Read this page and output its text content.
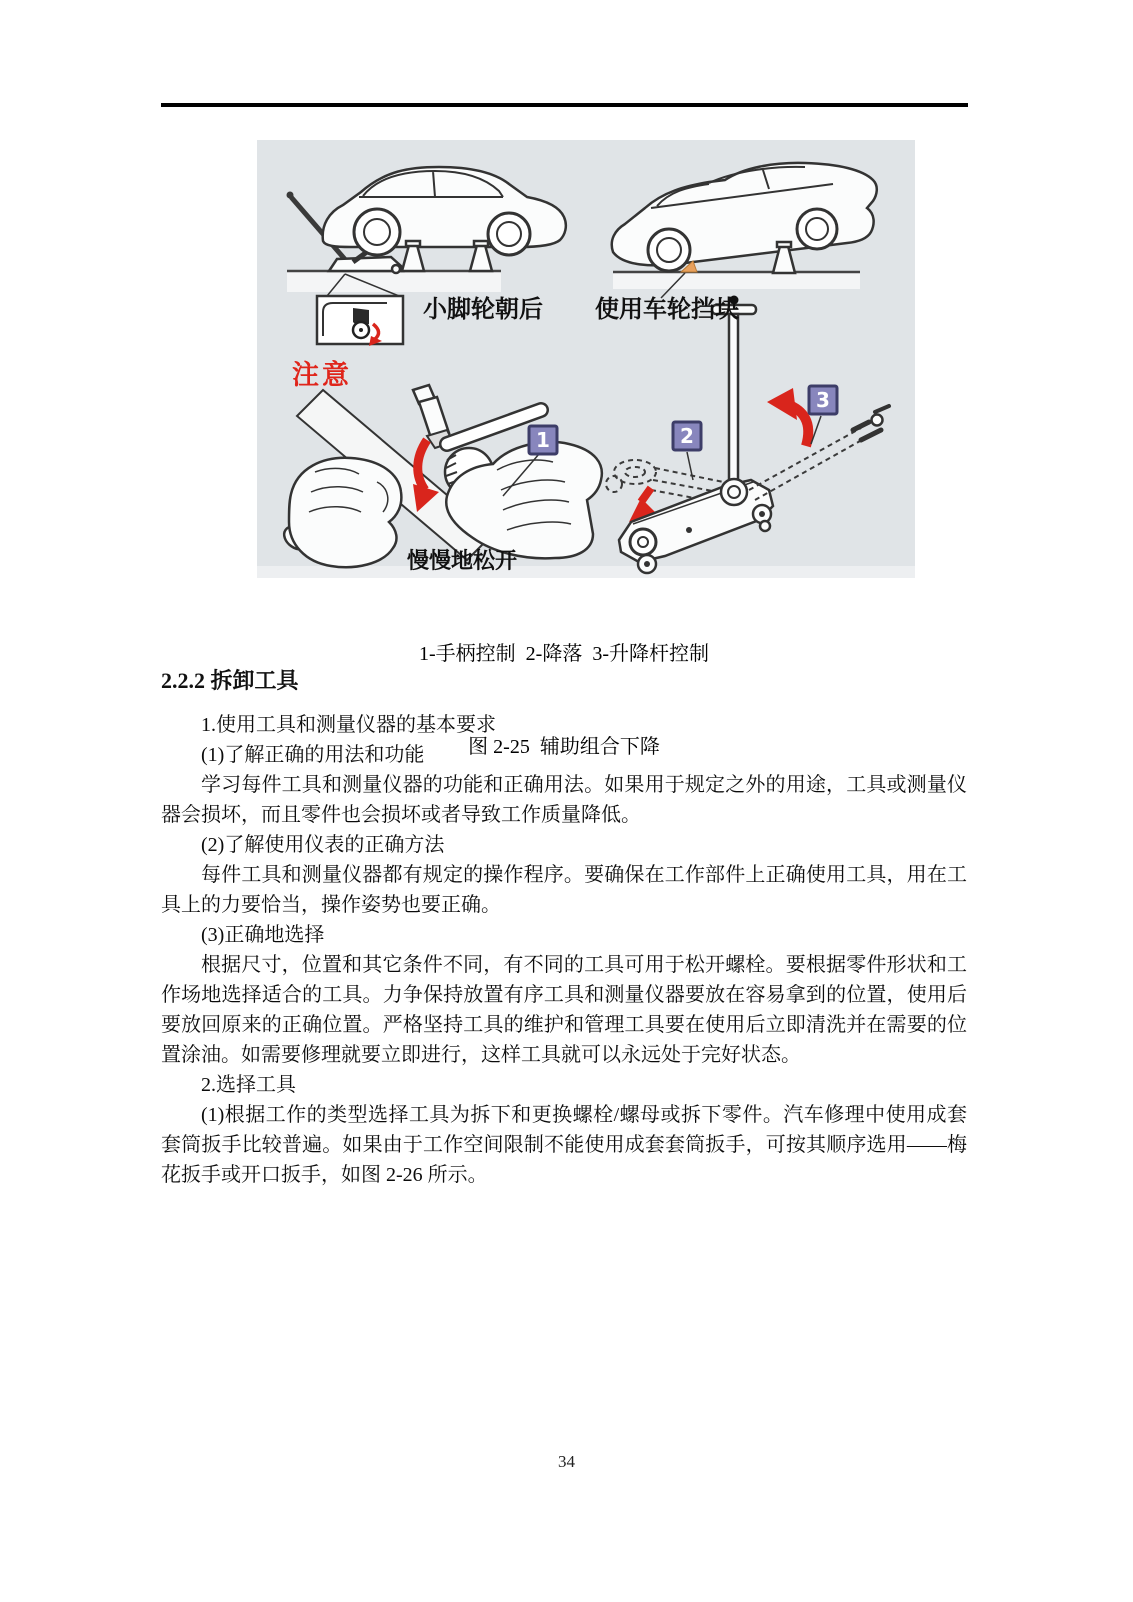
1	2
3
注意
小脚轮朝后 使用车轮挡块
慢慢地松开

1-手柄控制  2-降落  3-升降杆控制

图 2-25  辅助组合下降

2.2.2 拆卸工具

1.使用工具和测量仪器的基本要求

(1)了解正确的用法和功能

学习每件工具和测量仪器的功能和正确用法。如果用于规定之外的用途，工具或测量仪器会损坏，而且零件也会损坏或者导致工作质量降低。

(2)了解使用仪表的正确方法

每件工具和测量仪器都有规定的操作程序。要确保在工作部件上正确使用工具，用在工具上的力要恰当，操作姿势也要正确。

(3)正确地选择

根据尺寸，位置和其它条件不同，有不同的工具可用于松开螺栓。要根据零件形状和工作场地选择适合的工具。力争保持放置有序工具和测量仪器要放在容易拿到的位置，使用后要放回原来的正确位置。严格坚持工具的维护和管理工具要在使用后立即清洗并在需要的位置涂油。如需要修理就要立即进行，这样工具就可以永远处于完好状态。

2.选择工具

(1)根据工作的类型选择工具为拆下和更换螺栓/螺母或拆下零件。汽车修理中使用成套套筒扳手比较普遍。如果由于工作空间限制不能使用成套套筒扳手，可按其顺序选用——梅花扳手或开口扳手，如图 2-26 所示。

34
